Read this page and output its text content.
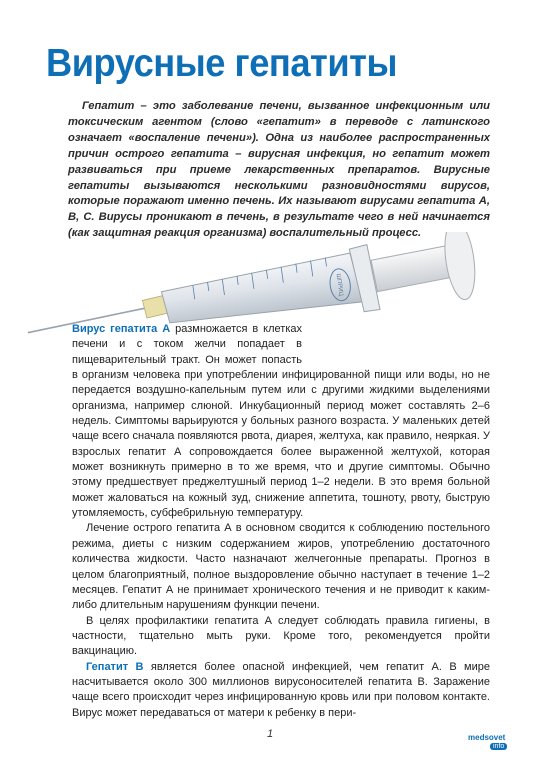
Вирусные гепатиты

Гепатит – это заболевание печени, вызванное инфекционным или токсическим агентом (слово «гепатит» в переводе с латинского означает «воспаление печени»). Одна из наиболее распространенных причин острого гепатита – вирусная инфекция, но гепатит может развиваться при приеме лекарственных препаратов. Вирусные гепатиты вызываются несколькими разновидностями вирусов, которые поражают именно печень. Их называют вирусами гепатита А, В, С. Вирусы проникают в печень, в результате чего в ней начинается (как защитная реакция организма) воспалительный процесс.

ШПРИЦ

Вирус гепатита А размножается в клетках печени и с током желчи попадает в пищеварительный тракт. Он может попасть в организм человека при употреблении инфицированной пищи или воды, но не передается воздушно-капельным путем или с другими жидкими выделениями организма, например слюной. Инкубационный период может составлять 2–6 недель. Симптомы варьируются у больных разного возраста. У маленьких детей чаще всего сначала появляются рвота, диарея, желтуха, как правило, неяркая. У взрослых гепатит А сопровождается более выраженной желтухой, которая может возникнуть примерно в то же время, что и другие симптомы. Обычно этому предшествует преджелтушный период 1–2 недели. В это время больной может жаловаться на кожный зуд, снижение аппетита, тошноту, рвоту, быструю утомляемость, субфебрильную температуру.

Лечение острого гепатита А в основном сводится к соблюдению постельного режима, диеты с низким содержанием жиров, употреблению достаточного количества жидкости. Часто назначают желчегонные препараты. Прогноз в целом благоприятный, полное выздоровление обычно наступает в течение 1–2 месяцев. Гепатит А не принимает хронического течения и не приводит к каким-либо длительным нарушениям функции печени.

В целях профилактики гепатита А следует соблюдать правила гигиены, в частности, тщательно мыть руки. Кроме того, рекомендуется пройти вакцинацию.

Гепатит В является более опасной инфекцией, чем гепатит А. В мире насчитывается около 300 миллионов вирусоносителей гепатита В. Заражение чаще всего происходит через инфицированную кровь или при половом контакте. Вирус может передаваться от матери к ребенку в пери-

1	medsovet
info
